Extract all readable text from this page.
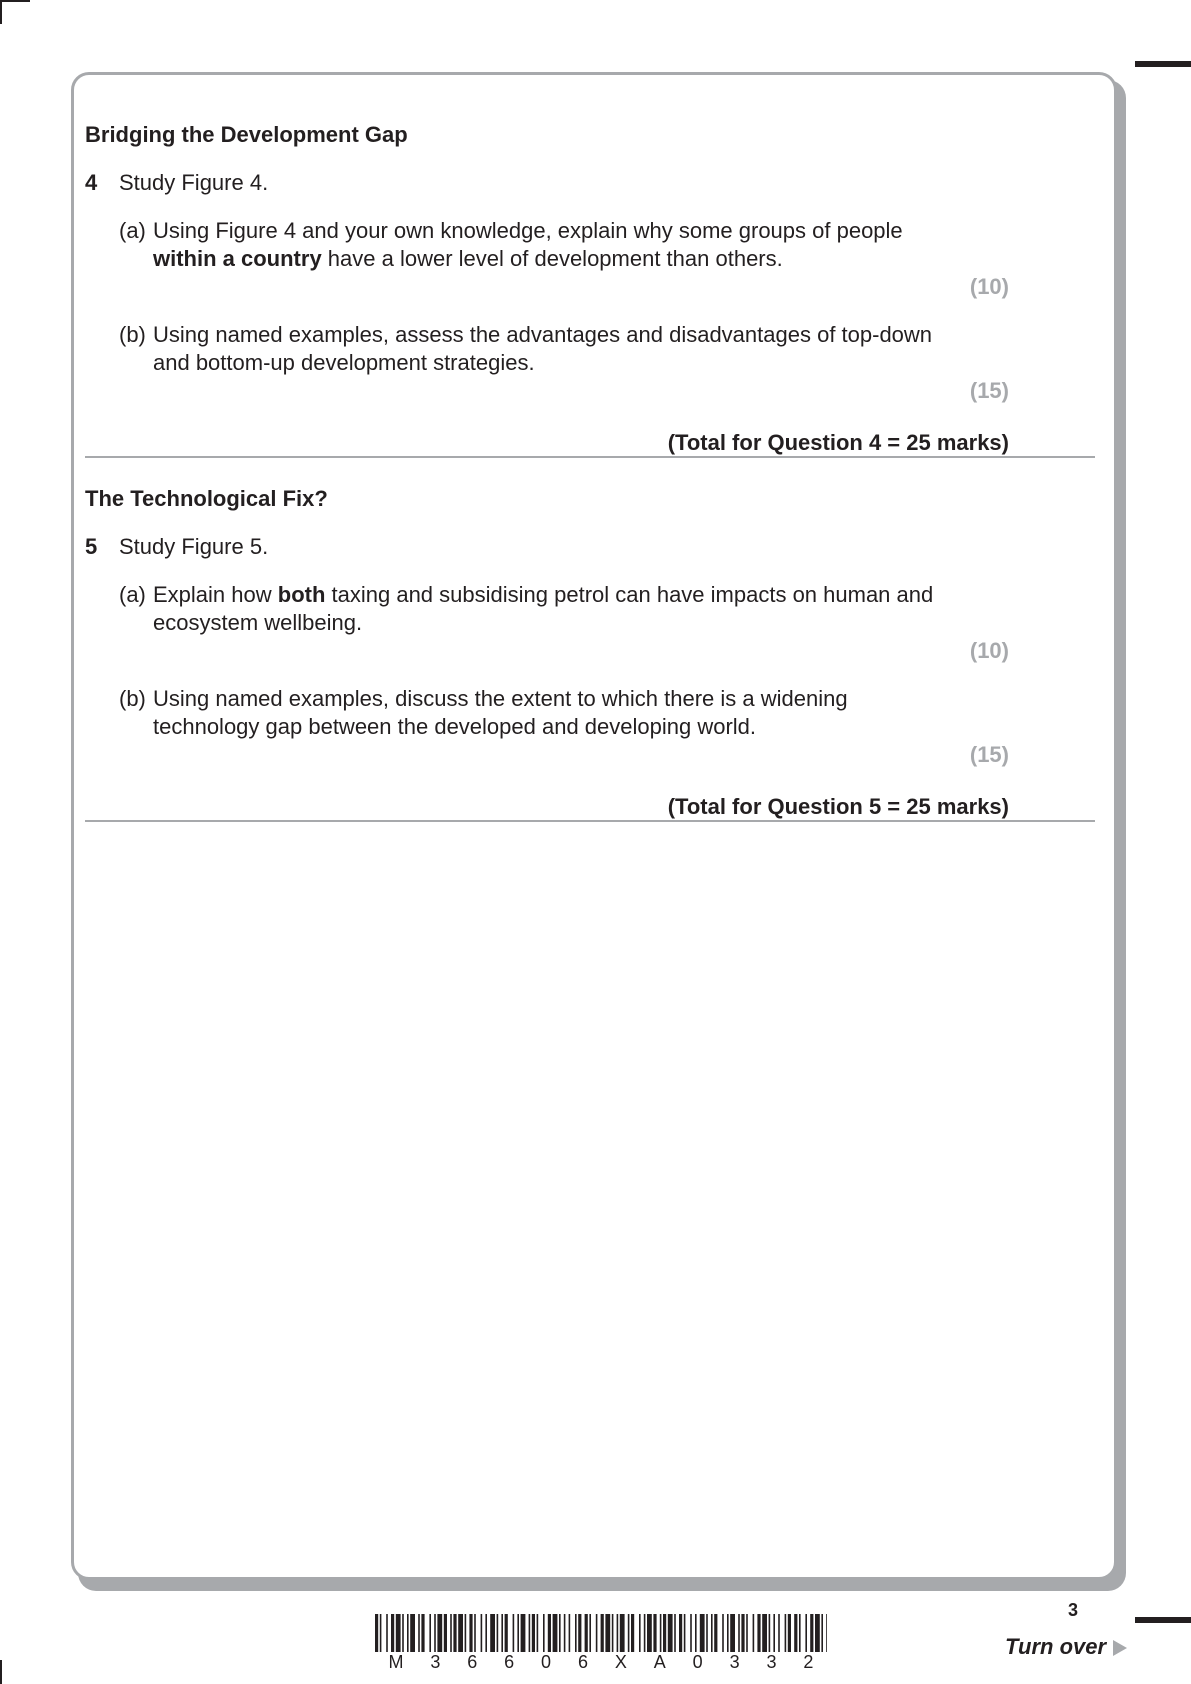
Bridging the Development Gap
4 Study Figure 4.
(a) Using Figure 4 and your own knowledge, explain why some groups of people
within a country have a lower level of development than others.
(10)
(b) Using named examples, assess the advantages and disadvantages of top-down
and bottom-up development strategies.
(15)
(Total for Question 4 = 25 marks)
The Technological Fix?
5 Study Figure 5.
(a) Explain how both taxing and subsidising petrol can have impacts on human and
ecosystem wellbeing.
(10)
(b) Using named examples, discuss the extent to which there is a widening
technology gap between the developed and developing world.
(15)
(Total for Question 5 = 25 marks)
M 3 6 6 0 6 X A 0 3 3 2
3
Turn over
